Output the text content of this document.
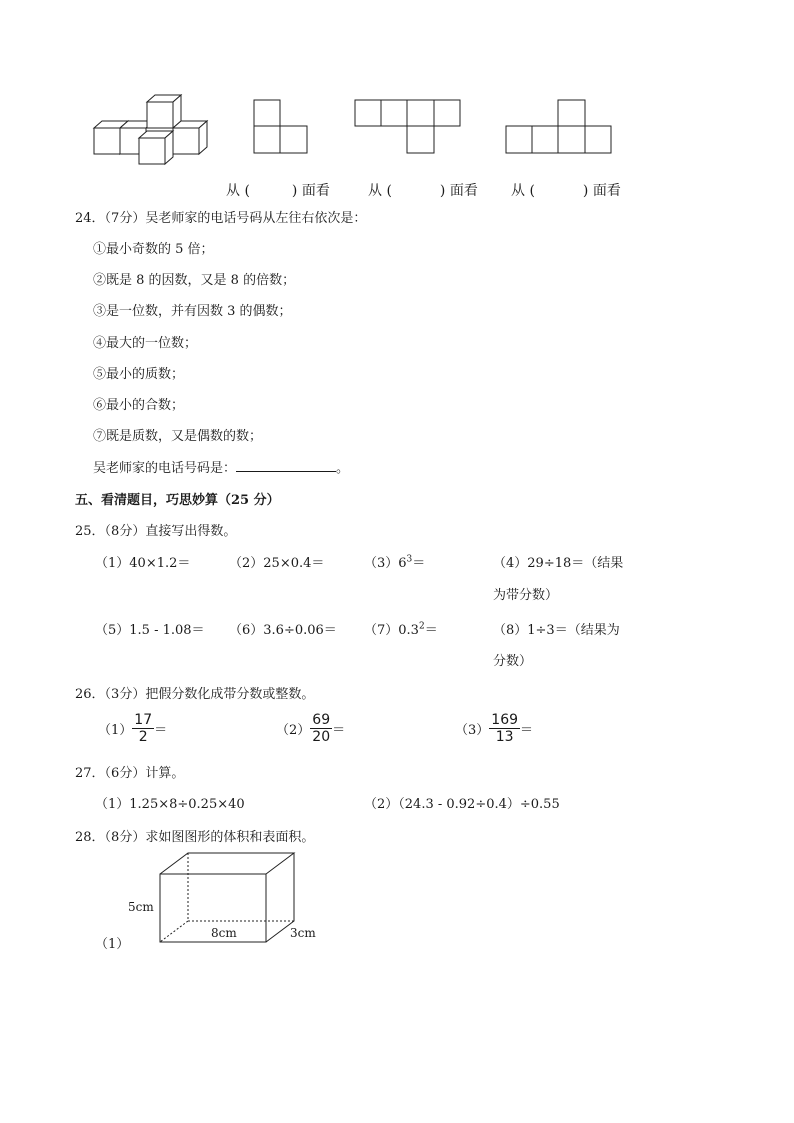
从 (	) 面看	从 (	) 面看 从 (	) 面看
24．（7分）吴老师家的电话号码从左往右依次是：
①最小奇数的 5 倍；
②既是 8 的因数，又是 8 的倍数；
③是一位数，并有因数 3 的偶数；
④最大的一位数；
⑤最小的质数；
⑥最小的合数；
⑦既是质数，又是偶数的数；
吴老师家的电话号码是：	。
五、看清题目，巧思妙算（25 分）
25．（8分）直接写出得数。
（1）40×1.2＝	（2）25×0.4＝	$(3)6^3=$	（4）29÷18＝（结果
为带分数）
$(5)1.5 - 1.08= (6)3.6\div 0.06= (7)0.3^2=$	（8）1÷3＝（结果为
分数）
26．（3分）把假分数化成带分数或整数。
$(1) \frac{17}{2}$ ＝	$(2) \frac{69}{20}$ ＝	$(3) \frac{169}{13}$ ＝
27．（6分）计算。
（1）1.25×8÷0.25×40	（2）（24.3 - 0.92÷0.4）÷0.55
28．（8分）求如图图形的体积和表面积。
（1）
5cm
8cm	3cm
